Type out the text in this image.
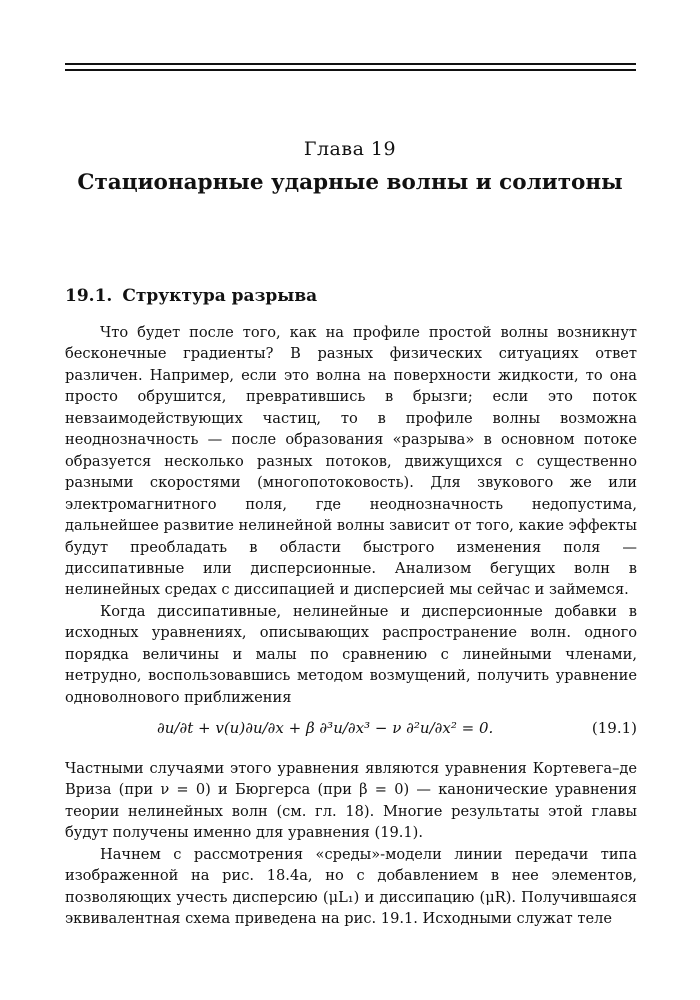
Глава 19
Стационарные ударные волны и солитоны
19.1. Структура разрыва

Что будет после того, как на профиле простой волны возникнут бесконечные градиенты? В разных физических ситуациях ответ различен. Например, если это волна на поверхности жидкости, то она просто обрушится, превратившись в брызги; если это поток невзаимодействующих частиц, то в профиле волны возможна неоднозначность — после образования «разрыва» в основном потоке образуется несколько разных потоков, движущихся с существенно разными скоростями (многопотоковость). Для звукового же или электромагнитного поля, где неоднозначность недопустима, дальнейшее развитие нелинейной волны зависит от того, какие эффекты будут преобладать в области быстрого изменения поля — диссипативные или дисперсионные. Анализом бегущих волн в нелинейных средах с диссипацией и дисперсией мы сейчас и займемся.

Когда диссипативные, нелинейные и дисперсионные добавки в исходных уравнениях, описывающих распространение волн. одного порядка величины и малы по сравнению с линейными членами, нетрудно, воспользовавшись методом возмущений, получить уравнение одноволнового приближения

∂u/∂t + v(u)∂u/∂x + β ∂³u/∂x³ − ν ∂²u/∂x² = 0.	(19.1)

Частными случаями этого уравнения являются уравнения Кортевега–де Вриза (при ν = 0) и Бюргерса (при β = 0) — канонические уравнения теории нелинейных волн (см. гл. 18). Многие результаты этой главы будут получены именно для уравнения (19.1).

Начнем с рассмотрения «среды»-модели линии передачи типа изображенной на рис. 18.4а, но с добавлением в нее элементов, позволяющих учесть дисперсию (μL₁) и диссипацию (μR). Получившаяся эквивалентная схема приведена на рис. 19.1. Исходными служат теле
